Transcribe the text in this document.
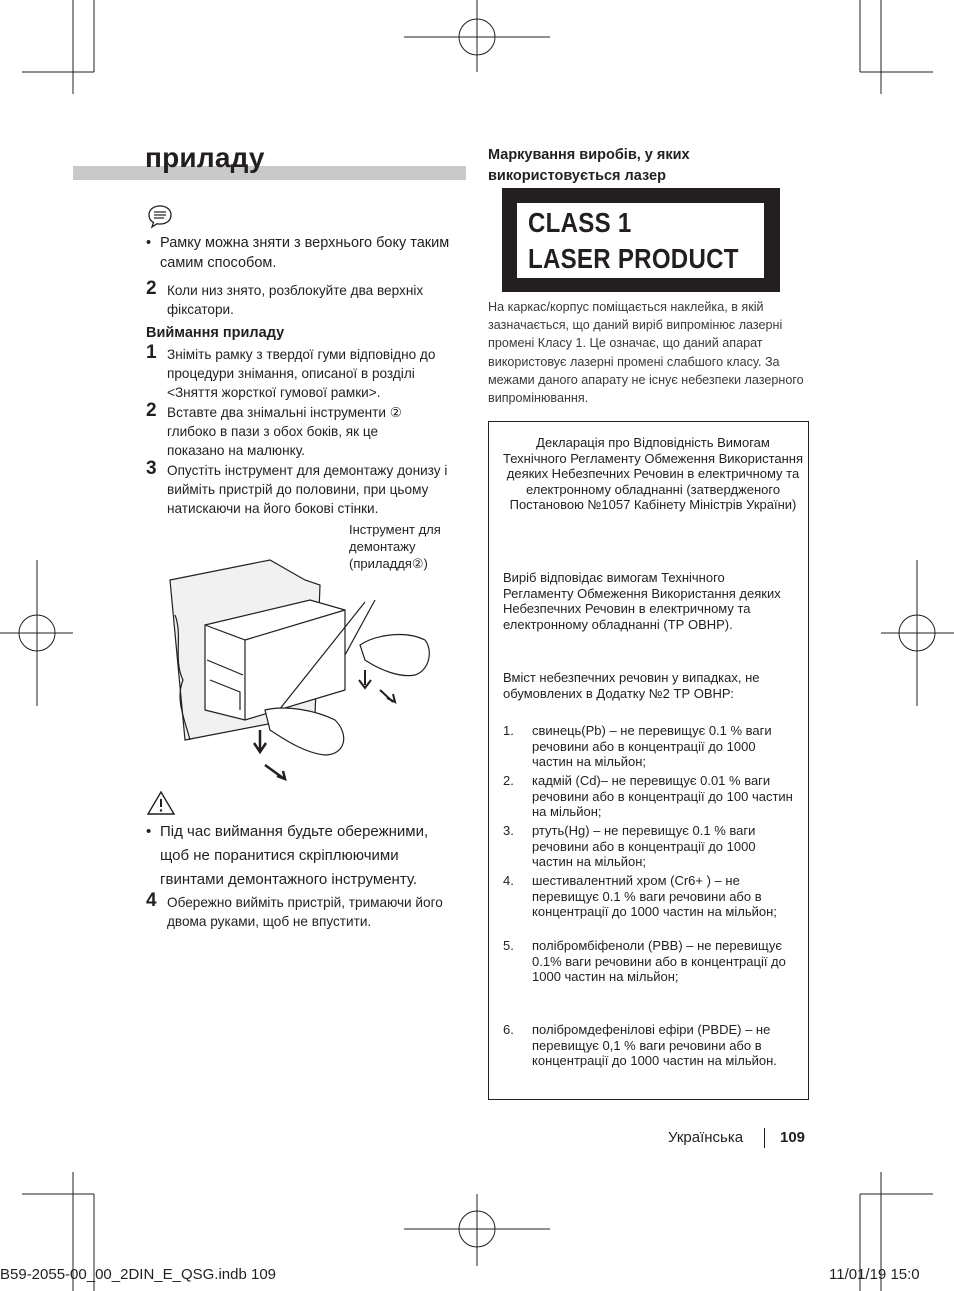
приладу
• Рамку можна зняти з верхнього боку таким самим способом.
2 Коли низ знято, розблокуйте два верхніх фіксатори.
Виймання приладу
1 Зніміть рамку з твердої гуми відповідно до процедури знімання, описаної в розділі <Зняття жорсткої гумової рамки>.
2 Вставте два знімальні інструменти ② глибоко в пази з обох боків, як це показано на малюнку.
3 Опустіть інструмент для демонтажу донизу і вийміть пристрій до половини, при цьому натискаючи на його бокові стінки.
Інструмент для демонтажу (приладдя②)
• Під час виймання будьте обережними, щоб не поранитися скріплюючими гвинтами демонтажного інструменту.
4 Обережно вийміть пристрій, тримаючи його двома руками, щоб не впустити.
Маркування виробів, у яких використовується лазер
CLASS 1
LASER PRODUCT
На каркас/корпус поміщається наклейка, в якій зазначається, що даний виріб випромінює лазерні промені Класу 1. Це означає, що даний апарат використовує лазерні промені слабшого класу. За межами даного апарату не існує небезпеки лазерного випромінювання.
Декларація про Відповідність Вимогам Технічного Регламенту Обмеження Використання деяких Небезпечних Речовин в електричному та електронному обладнанні (затвердженого Постановою №1057 Кабінету Міністрів України)
Виріб відповідає вимогам Технічного Регламенту Обмеження Використання деяких Небезпечних Речовин в електричному та електронному обладнанні (ТР ОВНР).
Вміст небезпечних речовин у випадках, не обумовлених в Додатку №2 ТР ОВНР:
1. свинець(Pb) – не перевищує 0.1 % ваги речовини або в концентрації до 1000 частин на мільйон;
2. кадмій (Cd)– не перевищує 0.01 % ваги речовини або в концентрації до 100 частин на мільйон;
3. ртуть(Hg) – не перевищує 0.1 % ваги речовини або в концентрації до 1000 частин на мільйон;
4. шестивалентний хром (Cr6+ ) – не перевищує 0.1 % ваги речовини або в концентрації до 1000 частин на мільйон;
5. полібромбіфеноли (PBB) – не перевищує 0.1% ваги речовини або в концентрації до 1000 частин на мільйон;
6. полібромдефенілові ефіри (PBDE) – не перевищує 0,1 % ваги речовини або в концентрації до 1000 частин на мільйон.
Українська 109
B59-2055-00_00_2DIN_E_QSG.indb 109	11/01/19 15:0
